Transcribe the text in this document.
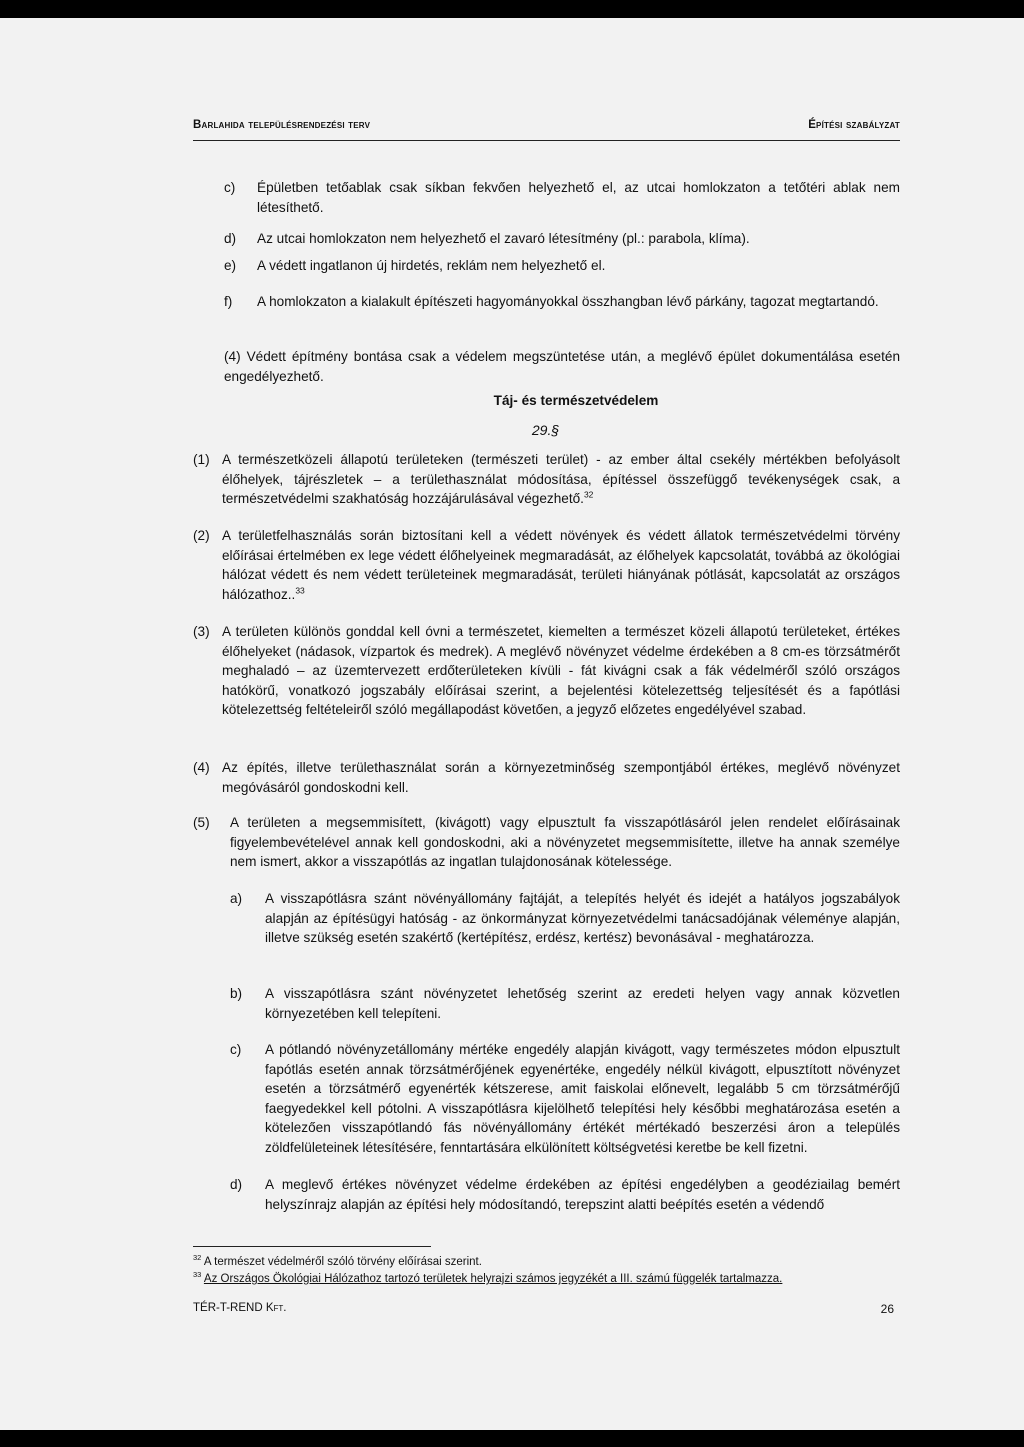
Barlahida településrendezési terv	Építési szabályzat
c) Épületben tetőablak csak síkban fekvően helyezhető el, az utcai homlokzaton a tetőtéri ablak nem létesíthető.
d) Az utcai homlokzaton nem helyezhető el zavaró létesítmény (pl.: parabola, klíma).
e) A védett ingatlanon új hirdetés, reklám nem helyezhető el.
f) A homlokzaton a kialakult építészeti hagyományokkal összhangban lévő párkány, tagozat megtartandó.
(4) Védett építmény bontása csak a védelem megszüntetése után, a meglévő épület dokumentálása esetén engedélyezhető.
Táj- és természetvédelem
29.§
(1) A természetközeli állapotú területeken (természeti terület) - az ember által csekély mértékben befolyásolt élőhelyek, tájrészletek – a területhasználat módosítása, építéssel összefüggő tevékenységek csak, a természetvédelmi szakhatóság hozzájárulásával végezhető.$^{32}$
(2) A területfelhasználás során biztosítani kell a védett növények és védett állatok természetvédelmi törvény előírásai értelmében ex lege védett élőhelyeinek megmaradását, az élőhelyek kapcsolatát, továbbá az ökológiai hálózat védett és nem védett területeinek megmaradását, területi hiányának pótlását, kapcsolatát az országos hálózathoz..$^{33}$
(3) A területen különös gonddal kell óvni a természetet, kiemelten a természet közeli állapotú területeket, értékes élőhelyeket (nádasok, vízpartok és medrek). A meglévő növényzet védelme érdekében a 8 cm-es törzsátmérőt meghaladó – az üzemtervezett erdőterületeken kívüli - fát kivágni csak a fák védelméről szóló országos hatókörű, vonatkozó jogszabály előírásai szerint, a bejelentési kötelezettség teljesítését és a fapótlási kötelezettség feltételeiről szóló megállapodást követően, a jegyző előzetes engedélyével szabad.
(4) Az építés, illetve területhasználat során a környezetminőség szempontjából értékes, meglévő növényzet megóvásáról gondoskodni kell.
(5) A területen a megsemmisített, (kivágott) vagy elpusztult fa visszapótlásáról jelen rendelet előírásainak figyelembevételével annak kell gondoskodni, aki a növényzetet megsemmisítette, illetve ha annak személye nem ismert, akkor a visszapótlás az ingatlan tulajdonosának kötelessége.
a) A visszapótlásra szánt növényállomány fajtáját, a telepítés helyét és idejét a hatályos jogszabályok alapján az építésügyi hatóság - az önkormányzat környezetvédelmi tanácsadójának véleménye alapján, illetve szükség esetén szakértő (kertépítész, erdész, kertész) bevonásával - meghatározza.
b) A visszapótlásra szánt növényzetet lehetőség szerint az eredeti helyen vagy annak közvetlen környezetében kell telepíteni.
c) A pótlandó növényzetállomány mértéke engedély alapján kivágott, vagy természetes módon elpusztult fapótlás esetén annak törzsátmérőjének egyenértéke, engedély nélkül kivágott, elpusztított növényzet esetén a törzsátmérő egyenérték kétszerese, amit faiskolai előnevelt, legalább 5 cm törzsátmérőjű faegyedekkel kell pótolni. A visszapótlásra kijelölhető telepítési hely későbbi meghatározása esetén a kötelezően visszapótlandó fás növényállomány értékét mértékadó beszerzési áron a település zöldfelületeinek létesítésére, fenntartására elkülönített költségvetési keretbe be kell fizetni.
d) A meglevő értékes növényzet védelme érdekében az építési engedélyben a geodéziailag bemért helyszínrajz alapján az építési hely módosítandó, terepszint alatti beépítés esetén a védendő
$^{32}$ A természet védelméről szóló törvény előírásai szerint.
$^{33}$ Az Országos Ökológiai Hálózathoz tartozó területek helyrajzi számos jegyzékét a III. számú függelék tartalmazza.
TÉR-T-REND Kft.	26
